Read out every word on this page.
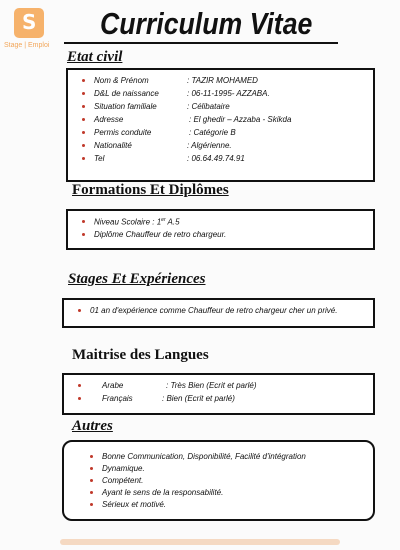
S
Stage | Emploi
Curriculum Vitae
Etat civil
Nom & Prénom	: TAZIR MOHAMED
D&L de naissance	: 06-11-1995- AZZABA.
Situation familiale	: Célibataire
Adresse	: El ghedir – Azzaba - Skikda
Permis conduite	: Catégorie B
Nationalité	: Algérienne.
Tel	: 06.64.49.74.91
Formations Et Diplômes
Niveau Scolaire : 1er A.5
Diplôme Chauffeur de retro chargeur.
Stages Et Expériences
01 an d'expérience comme Chauffeur de retro chargeur cher un privé.
Maitrise des Langues
Arabe	: Très Bien (Ecrit et parlé)
Français	: Bien (Ecrit et parlé)
Autres
Bonne Communication, Disponibilité, Facilité d'intégration
Dynamique.
Compétent.
Ayant le sens de la responsabilité.
Sérieux et motivé.
